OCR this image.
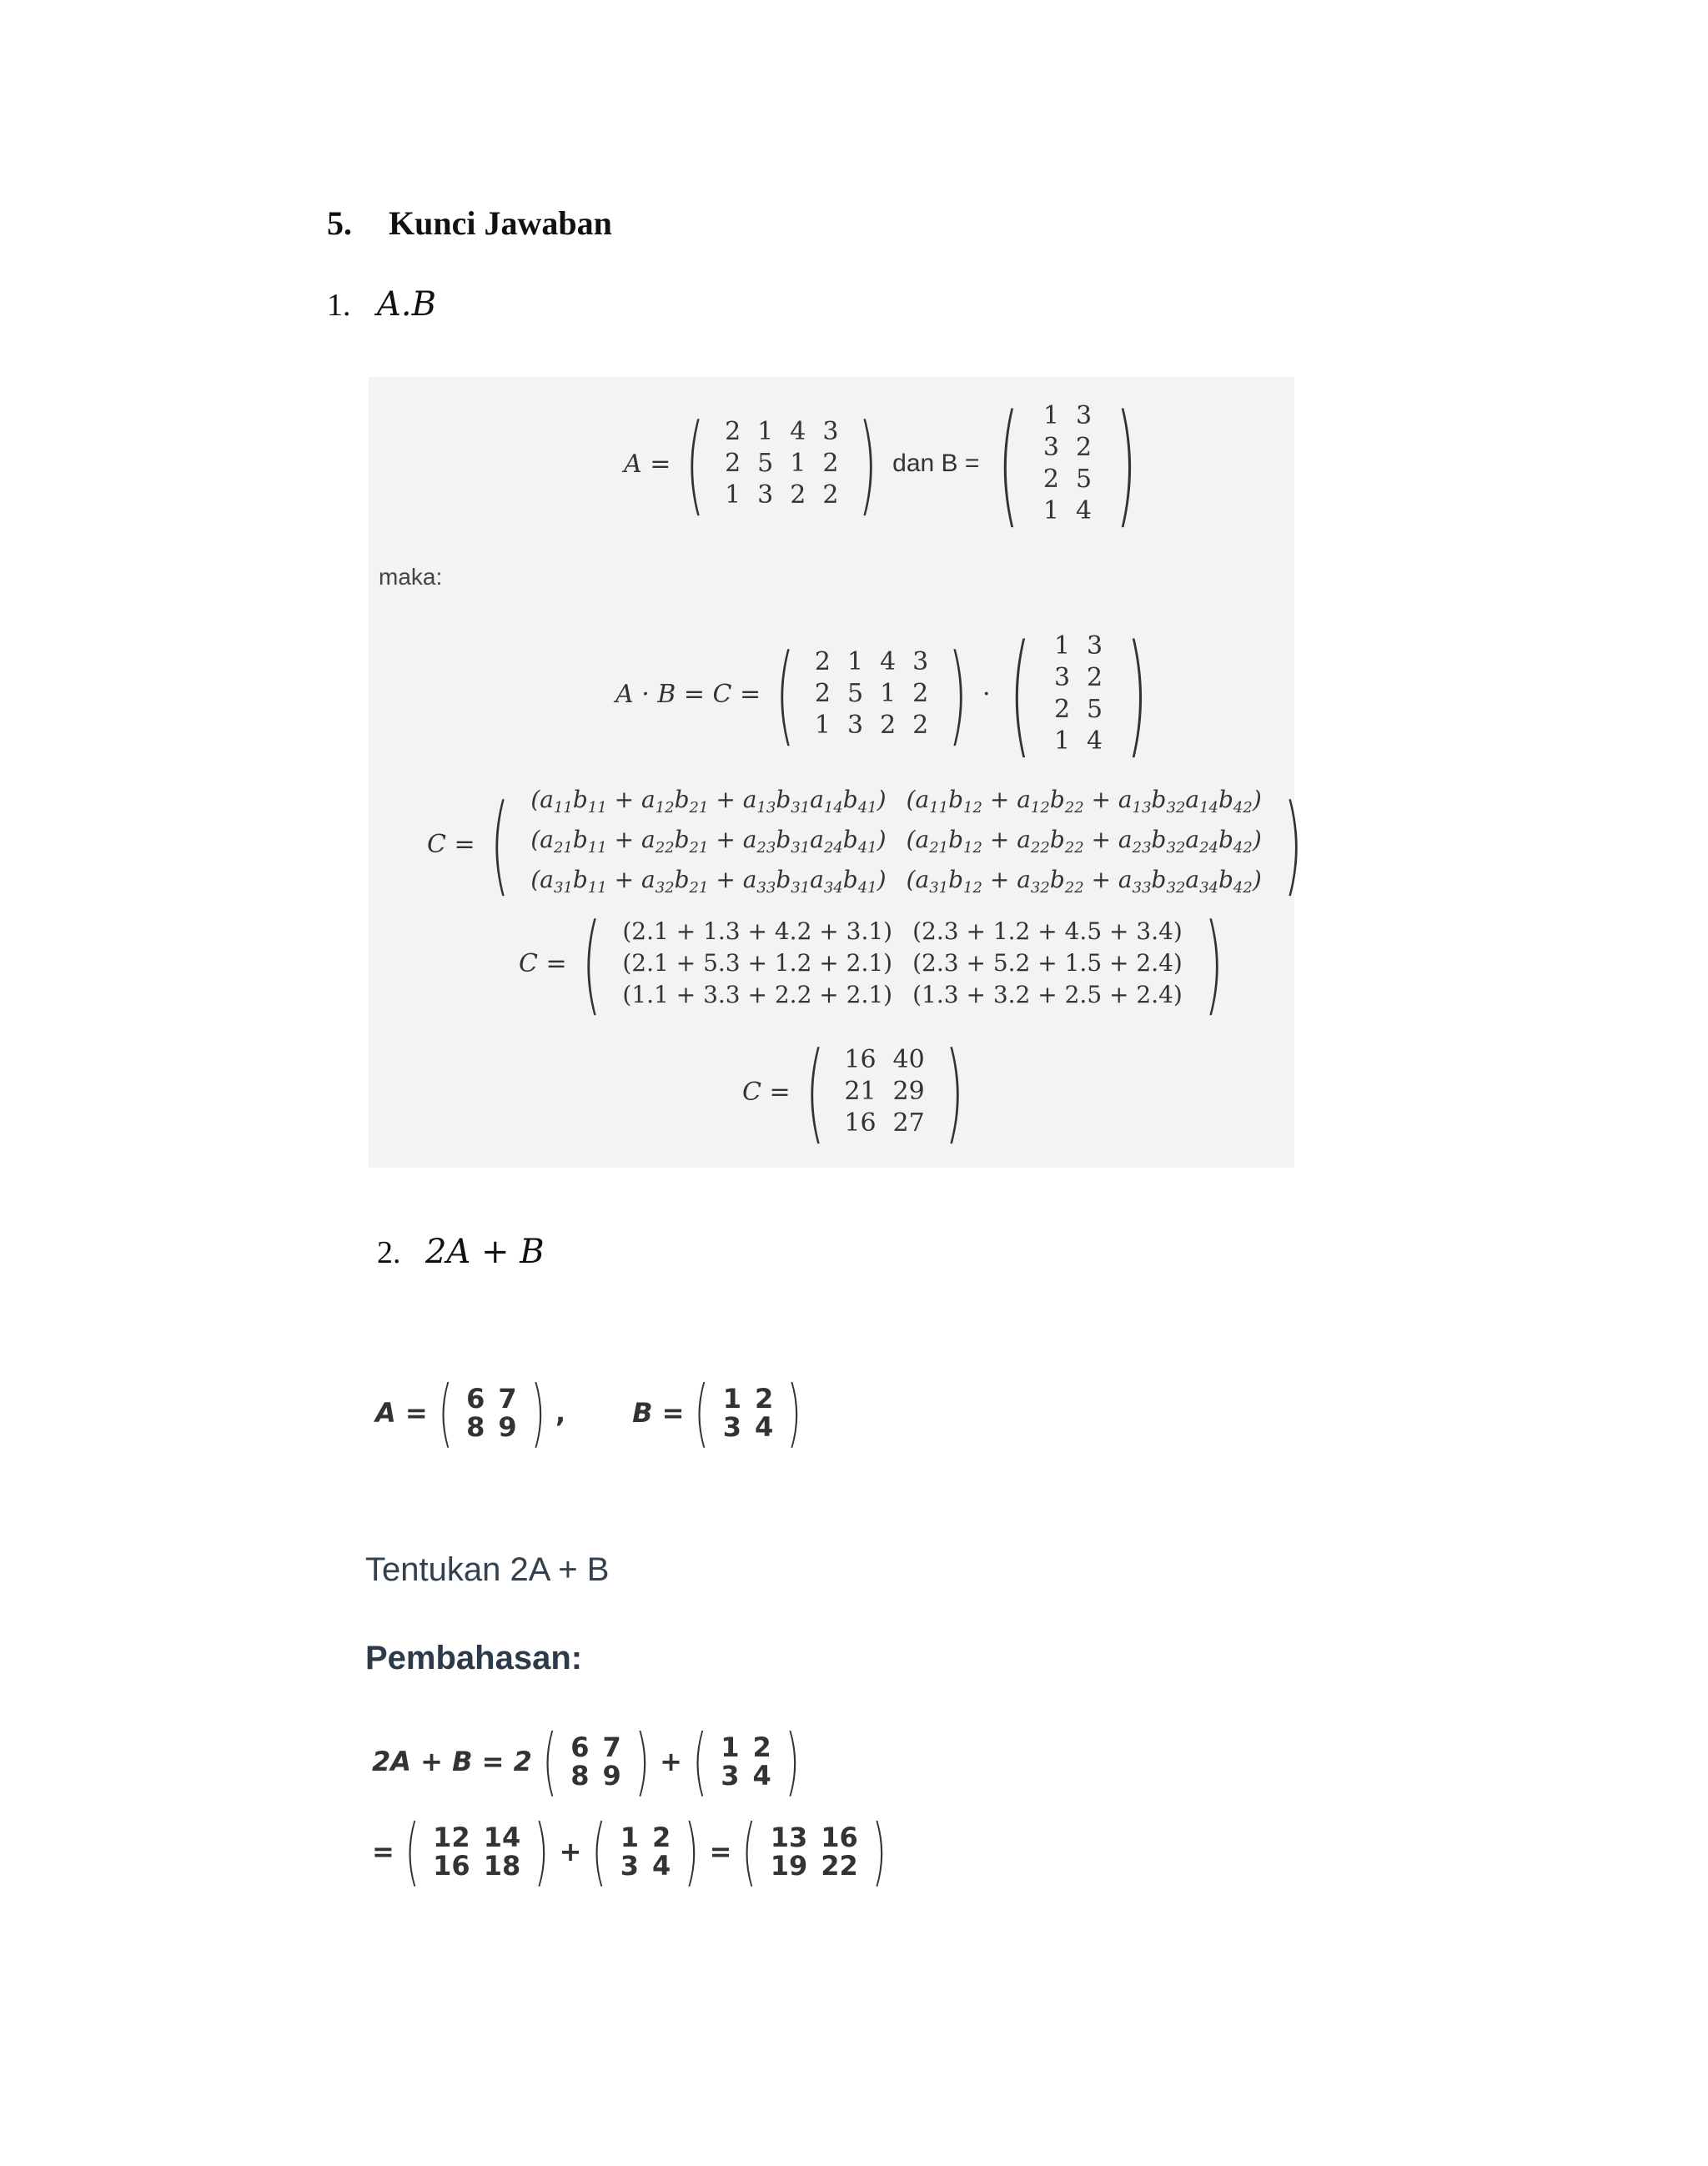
5. Kunci Jawaban
1. A.B
A = ( 2	1	4	3
2	5	1	2
1	3	2	2 ) dan B = ( 1	3
3	2
2	5
1	4 )
maka:
A · B = C = ( 2	1	4	3
2	5	1	2
1	3	2	2 ) · ( 1	3
3	2
2	5
1	4 )
C = ( $(a_{11}b_{11} + a_{12}b_{21} + a_{13}b_{31}a_{14}b_{41})$	$(a_{11}b_{12} + a_{12}b_{22} + a_{13}b_{32}a_{14}b_{42})$
$(a_{21}b_{11} + a_{22}b_{21} + a_{23}b_{31}a_{24}b_{41})$	$(a_{21}b_{12} + a_{22}b_{22} + a_{23}b_{32}a_{24}b_{42})$
$(a_{31}b_{11} + a_{32}b_{21} + a_{33}b_{31}a_{34}b_{41})$	$(a_{31}b_{12} + a_{32}b_{22} + a_{33}b_{32}a_{34}b_{42})$ )
C = ( (2.1 + 1.3 + 4.2 + 3.1)	(2.3 + 1.2 + 4.5 + 3.4)
(2.1 + 5.3 + 1.2 + 2.1)	(2.3 + 5.2 + 1.5 + 2.4)
(1.1 + 3.3 + 2.2 + 2.1)	(1.3 + 3.2 + 2.5 + 2.4) )
C = ( 16	40
21	29
16	27 )
2. 2A + B
A = ( 6	7
8	9 ) ,	B = ( 1	2
3	4 )
Tentukan 2A + B
Pembahasan:
2A + B = 2 ( 6	7
8	9 ) + ( 1	2
3	4 )
= ( 12	14
16	18 ) + ( 1	2
3	4 ) = ( 13	16
19	22 )
